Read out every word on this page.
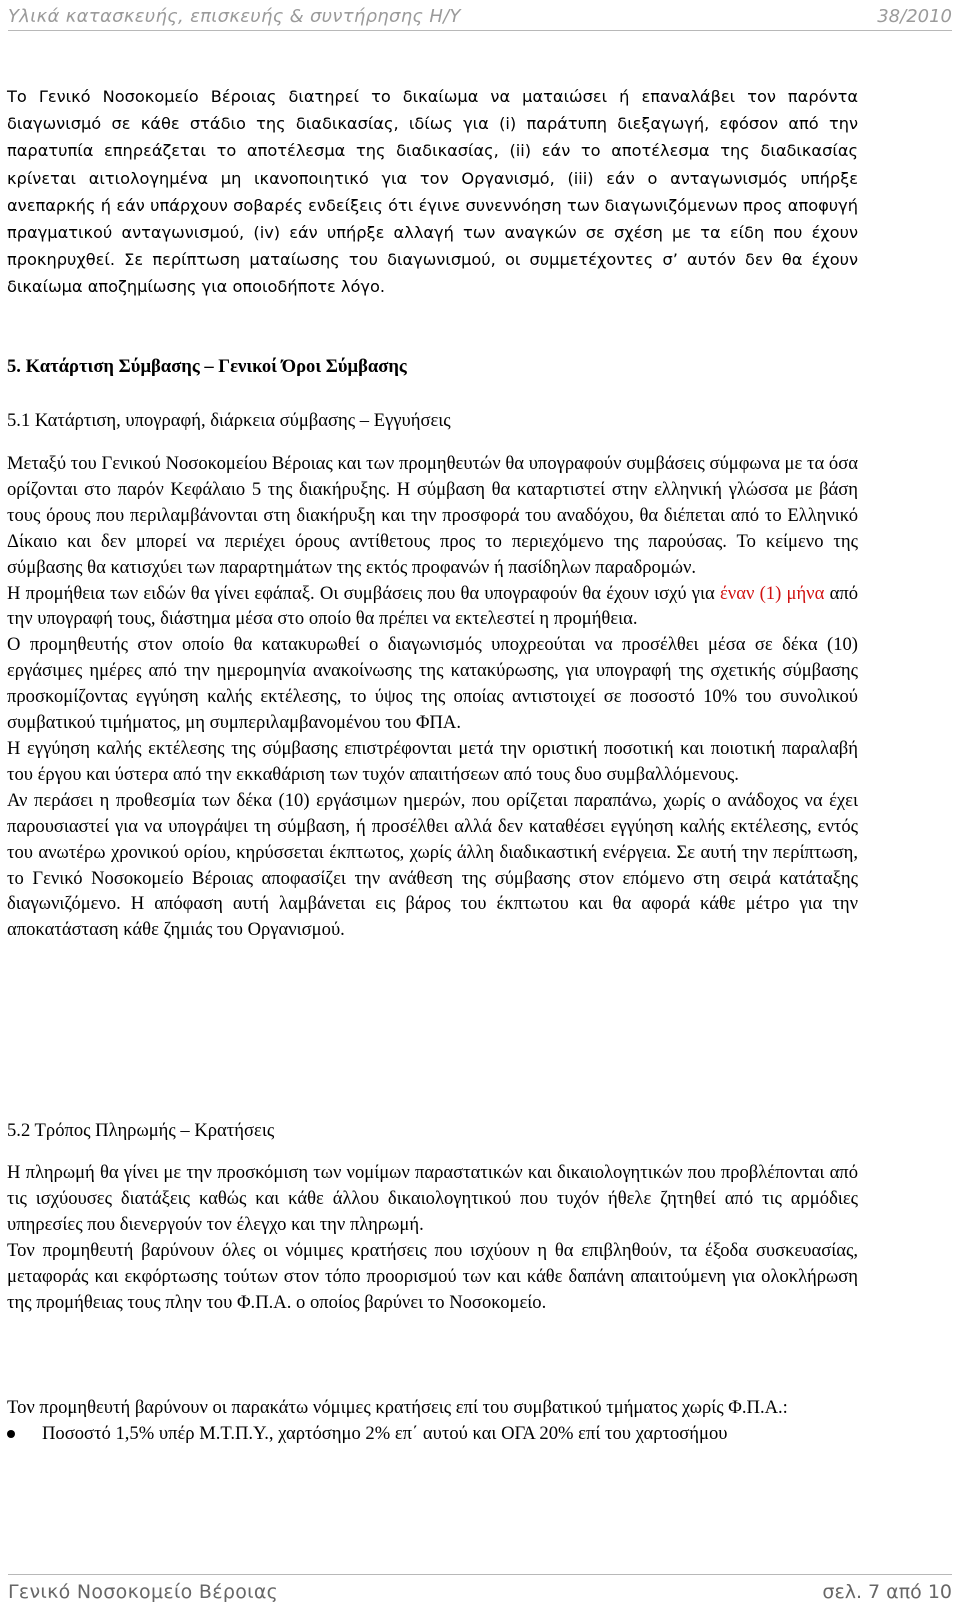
Υλικά κατασκευής, επισκευής & συντήρησης Η/Υ	38/2010

Το Γενικό Νοσοκομείο Βέροιας διατηρεί το δικαίωμα να ματαιώσει ή επαναλάβει τον παρόντα διαγωνισμό σε κάθε στάδιο της διαδικασίας, ιδίως για (i) παράτυπη διεξαγωγή, εφόσον από την παρατυπία επηρεάζεται το αποτέλεσμα της διαδικασίας, (ii) εάν το αποτέλεσμα της διαδικασίας κρίνεται αιτιολογημένα μη ικανοποιητικό για τον Οργανισμό, (iii) εάν ο ανταγωνισμός υπήρξε ανεπαρκής ή εάν υπάρχουν σοβαρές ενδείξεις ότι έγινε συνεννόηση των διαγωνιζόμενων προς αποφυγή πραγματικού ανταγωνισμού, (iv) εάν υπήρξε αλλαγή των αναγκών σε σχέση με τα είδη που έχουν προκηρυχθεί. Σε περίπτωση ματαίωσης του διαγωνισμού, οι συμμετέχοντες σ’ αυτόν δεν θα έχουν δικαίωμα αποζημίωσης για οποιοδήποτε λόγο.

5. Κατάρτιση Σύμβασης – Γενικοί Όροι Σύμβασης
5.1 Κατάρτιση, υπογραφή, διάρκεια σύμβασης – Εγγυήσεις

Μεταξύ του Γενικού Νοσοκομείου Βέροιας και των προμηθευτών θα υπογραφούν συμβάσεις σύμφωνα με τα όσα ορίζονται στο παρόν Κεφάλαιο 5 της διακήρυξης. Η σύμβαση θα καταρτιστεί στην ελληνική γλώσσα με βάση τους όρους που περιλαμβάνονται στη διακήρυξη και την προσφορά του αναδόχου, θα διέπεται από το Ελληνικό Δίκαιο και δεν μπορεί να περιέχει όρους αντίθετους προς το περιεχόμενο της παρούσας. Το κείμενο της σύμβασης θα κατισχύει των παραρτημάτων της εκτός προφανών ή πασίδηλων παραδρομών.

Η προμήθεια των ειδών θα γίνει εφάπαξ. Οι συμβάσεις που θα υπογραφούν θα έχουν ισχύ για έναν (1) μήνα από την υπογραφή τους, διάστημα μέσα στο οποίο θα πρέπει να εκτελεστεί η προμήθεια.

Ο προμηθευτής στον οποίο θα κατακυρωθεί ο διαγωνισμός υποχρεούται να προσέλθει μέσα σε δέκα (10) εργάσιμες ημέρες από την ημερομηνία ανακοίνωσης της κατακύρωσης, για υπογραφή της σχετικής σύμβασης προσκομίζοντας εγγύηση καλής εκτέλεσης, το ύψος της οποίας αντιστοιχεί σε ποσοστό 10% του συνολικού συμβατικού τιμήματος, μη συμπεριλαμβανομένου του ΦΠΑ.

Η εγγύηση καλής εκτέλεσης της σύμβασης επιστρέφονται μετά την οριστική ποσοτική και ποιοτική παραλαβή του έργου και ύστερα από την εκκαθάριση των τυχόν απαιτήσεων από τους δυο συμβαλλόμενους.

Αν περάσει η προθεσμία των δέκα (10) εργάσιμων ημερών, που ορίζεται παραπάνω, χωρίς ο ανάδοχος να έχει παρουσιαστεί για να υπογράψει τη σύμβαση, ή προσέλθει αλλά δεν καταθέσει εγγύηση καλής εκτέλεσης, εντός του ανωτέρω χρονικού ορίου, κηρύσσεται έκπτωτος, χωρίς άλλη διαδικαστική ενέργεια. Σε αυτή την περίπτωση, το Γενικό Νοσοκομείο Βέροιας αποφασίζει την ανάθεση της σύμβασης στον επόμενο στη σειρά κατάταξης διαγωνιζόμενο. Η απόφαση αυτή λαμβάνεται εις βάρος του έκπτωτου και θα αφορά κάθε μέτρο για την αποκατάσταση κάθε ζημιάς του Οργανισμού.

5.2 Τρόπος Πληρωμής – Κρατήσεις

Η πληρωμή θα γίνει με την προσκόμιση των νομίμων παραστατικών και δικαιολογητικών που προβλέπονται από τις ισχύουσες διατάξεις καθώς και κάθε άλλου δικαιολογητικού που τυχόν ήθελε ζητηθεί από τις αρμόδιες υπηρεσίες που διενεργούν τον έλεγχο και την πληρωμή.

Τον προμηθευτή βαρύνουν όλες οι νόμιμες κρατήσεις που ισχύουν η θα επιβληθούν, τα έξοδα συσκευασίας, μεταφοράς και εκφόρτωσης τούτων στον τόπο προορισμού των και κάθε δαπάνη απαιτούμενη για ολοκλήρωση της προμήθειας τους πλην του Φ.Π.Α. ο οποίος βαρύνει το Νοσοκομείο.

Τον προμηθευτή βαρύνουν οι παρακάτω νόμιμες κρατήσεις επί του συμβατικού τμήματος χωρίς Φ.Π.Α.:

Ποσοστό 1,5% υπέρ Μ.Τ.Π.Υ., χαρτόσημο 2% επ΄ αυτού και ΟΓΑ 20% επί του χαρτοσήμου

Γενικό Νοσοκομείο Βέροιας	σελ. 7 από 10
